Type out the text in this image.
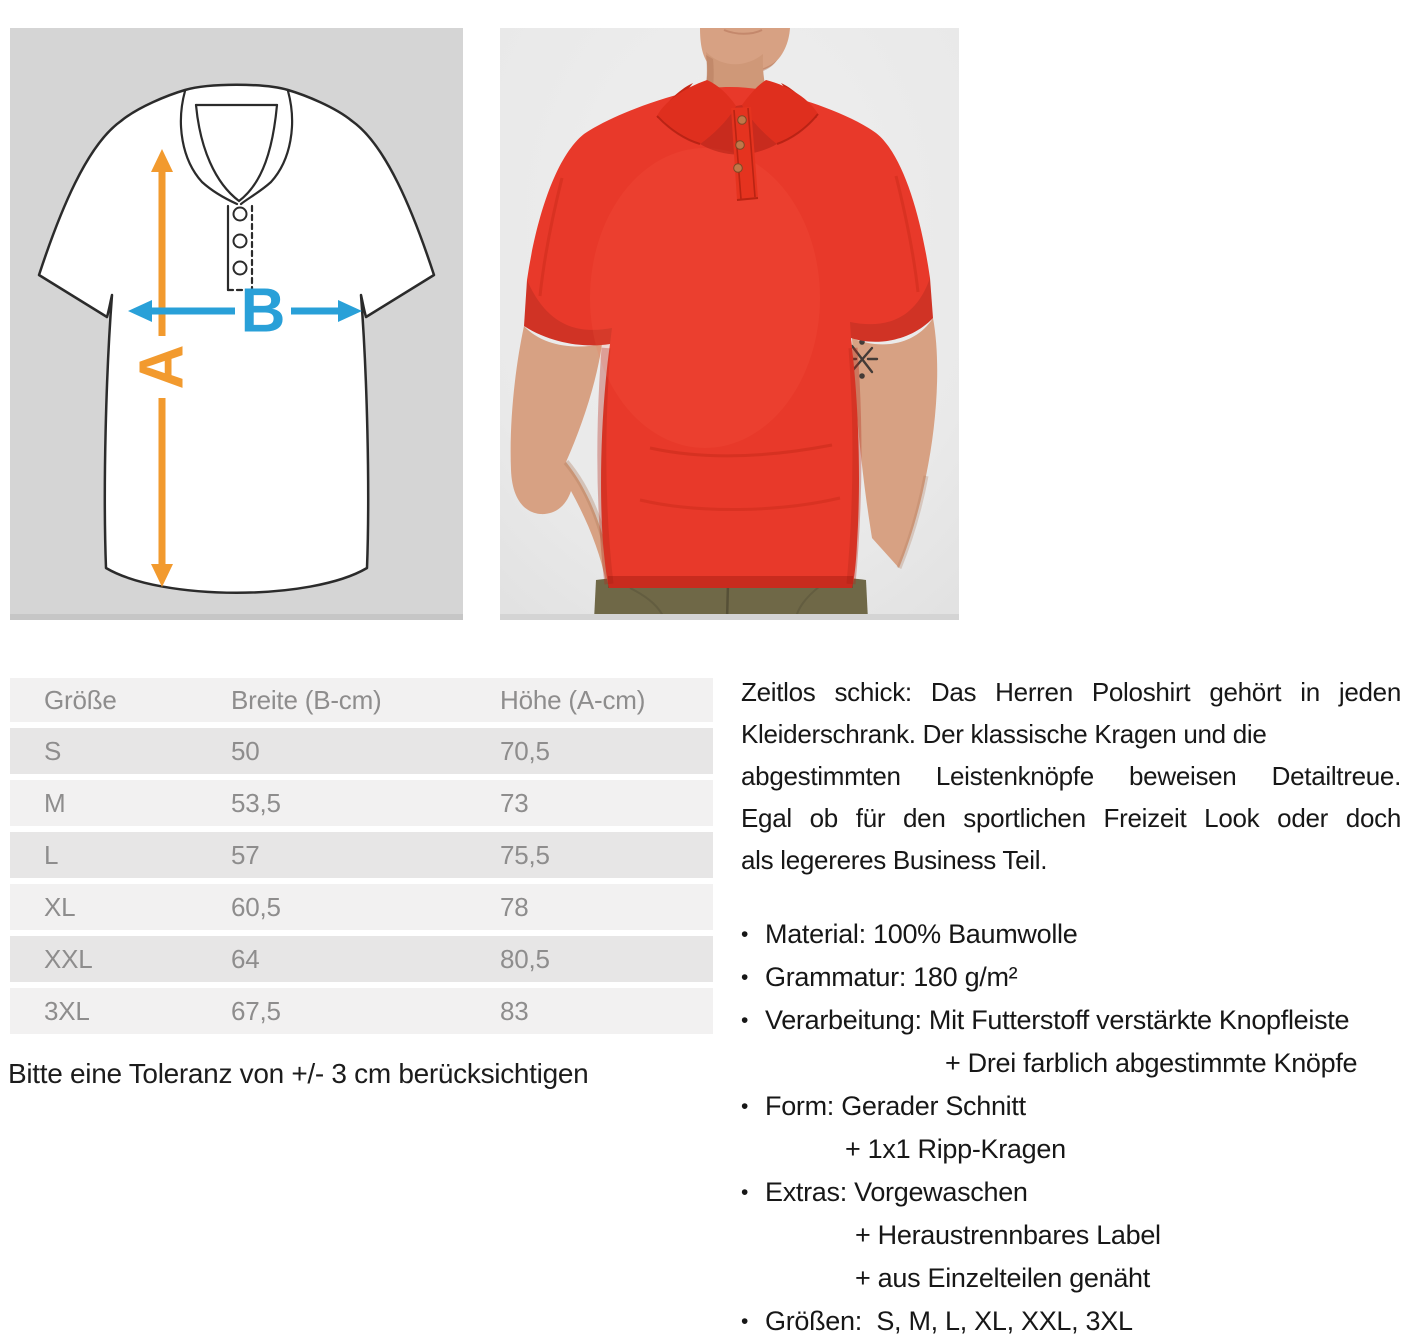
A
B
Größe	Breite (B-cm)	Höhe (A-cm)
S	50	70,5
M	53,5	73
L	57	75,5
XL	60,5	78
XXL	64	80,5
3XL	67,5	83
Bitte eine Toleranz von +/- 3 cm berücksichtigen
Zeitlos schick: Das Herren Poloshirt gehört in jeden
Kleiderschrank. Der klassische Kragen und die
abgestimmten Leistenknöpfe beweisen Detailtreue.
Egal ob für den sportlichen Freizeit Look oder doch
als legereres Business Teil.
• Material: 100% Baumwolle
• Grammatur: 180 g/m²
• Verarbeitung: Mit Futterstoff verstärkte Knopfleiste
+ Drei farblich abgestimmte Knöpfe
• Form: Gerader Schnitt
+ 1x1 Ripp-Kragen
• Extras: Vorgewaschen
+ Heraustrennbares Label
+ aus Einzelteilen genäht
• Größen:  S, M, L, XL, XXL, 3XL
